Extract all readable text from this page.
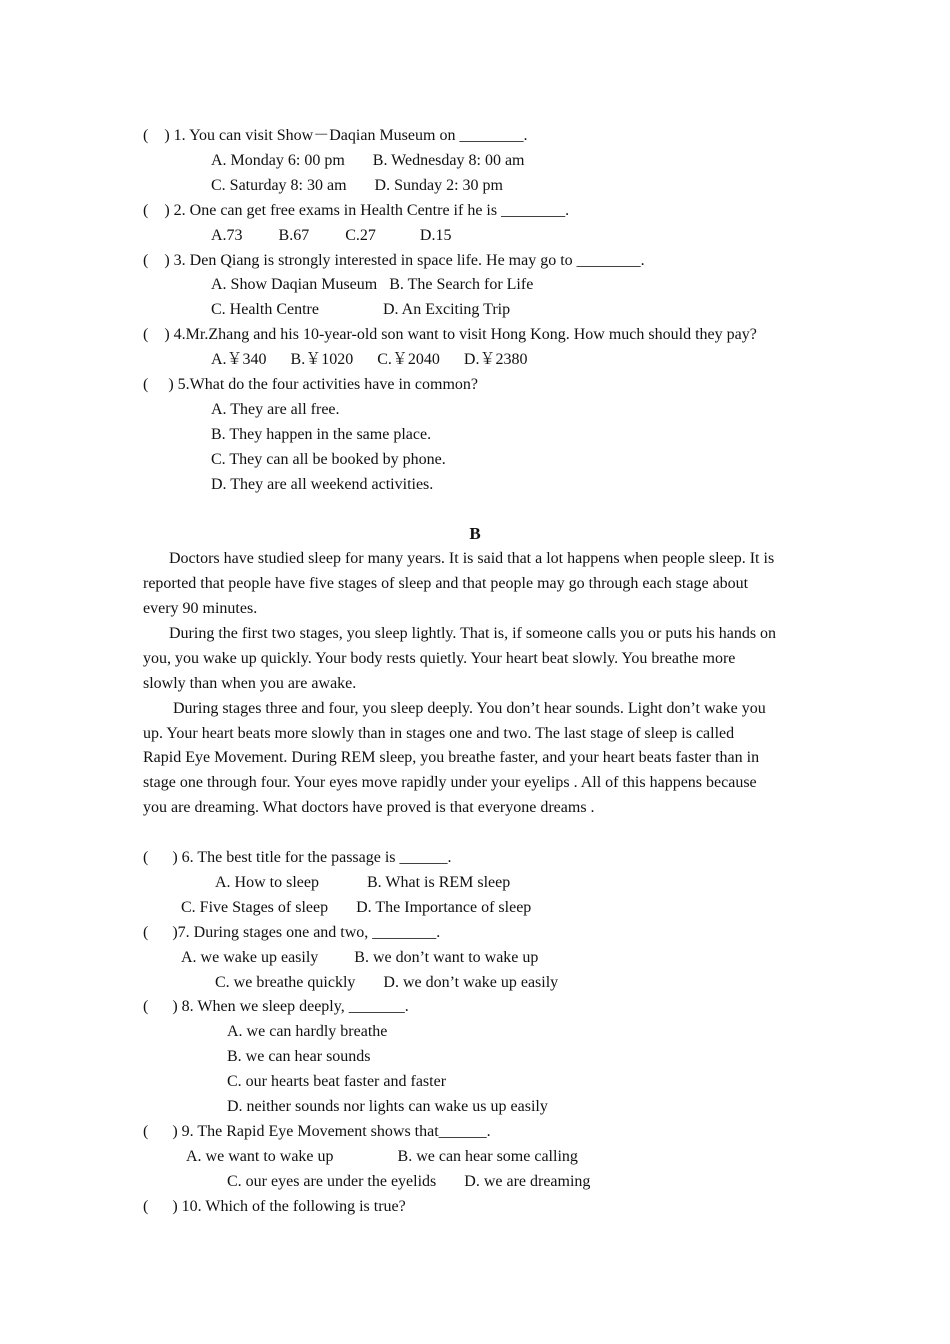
(    ) 1. You can visit Show－Daqian Museum on ________.
A. Monday 6: 00 pm       B. Wednesday 8: 00 am
C. Saturday 8: 30 am       D. Sunday 2: 30 pm
(    ) 2. One can get free exams in Health Centre if he is ________.
A.73         B.67         C.27           D.15
(    ) 3. Den Qiang is strongly interested in space life. He may go to ________.
A. Show Daqian Museum   B. The Search for Life
C. Health Centre                D. An Exciting Trip
(    ) 4.Mr.Zhang and his 10-year-old son want to visit Hong Kong. How much should they pay?
A.￥340      B.￥1020      C.￥2040      D.￥2380
(     ) 5.What do the four activities have in common?
A. They are all free.
B. They happen in the same place.
C. They can all be booked by phone.
D. They are all weekend activities.
B
Doctors have studied sleep for many years. It is said that a lot happens when people sleep. It is
reported that people have five stages of sleep and that people may go through each stage about
every 90 minutes.
During the first two stages, you sleep lightly. That is, if someone calls you or puts his hands on
you, you wake up quickly. Your body rests quietly. Your heart beat slowly. You breathe more
slowly than when you are awake.
During stages three and four, you sleep deeply. You don’t hear sounds. Light don’t wake you
up. Your heart beats more slowly than in stages one and two. The last stage of sleep is called
Rapid Eye Movement. During REM sleep, you breathe faster, and your heart beats faster than in
stage one through four. Your eyes move rapidly under your eyelips . All of this happens because
you are dreaming. What doctors have proved is that everyone dreams .
(      ) 6. The best title for the passage is ______.
A. How to sleep            B. What is REM sleep
C. Five Stages of sleep       D. The Importance of sleep
(      )7. During stages one and two, ________.
A. we wake up easily         B. we don’t want to wake up
C. we breathe quickly       D. we don’t wake up easily
(      ) 8. When we sleep deeply, _______.
A. we can hardly breathe
B. we can hear sounds
C. our hearts beat faster and faster
D. neither sounds nor lights can wake us up easily
(      ) 9. The Rapid Eye Movement shows that______.
A. we want to wake up                B. we can hear some calling
C. our eyes are under the eyelids       D. we are dreaming
(      ) 10. Which of the following is true?
